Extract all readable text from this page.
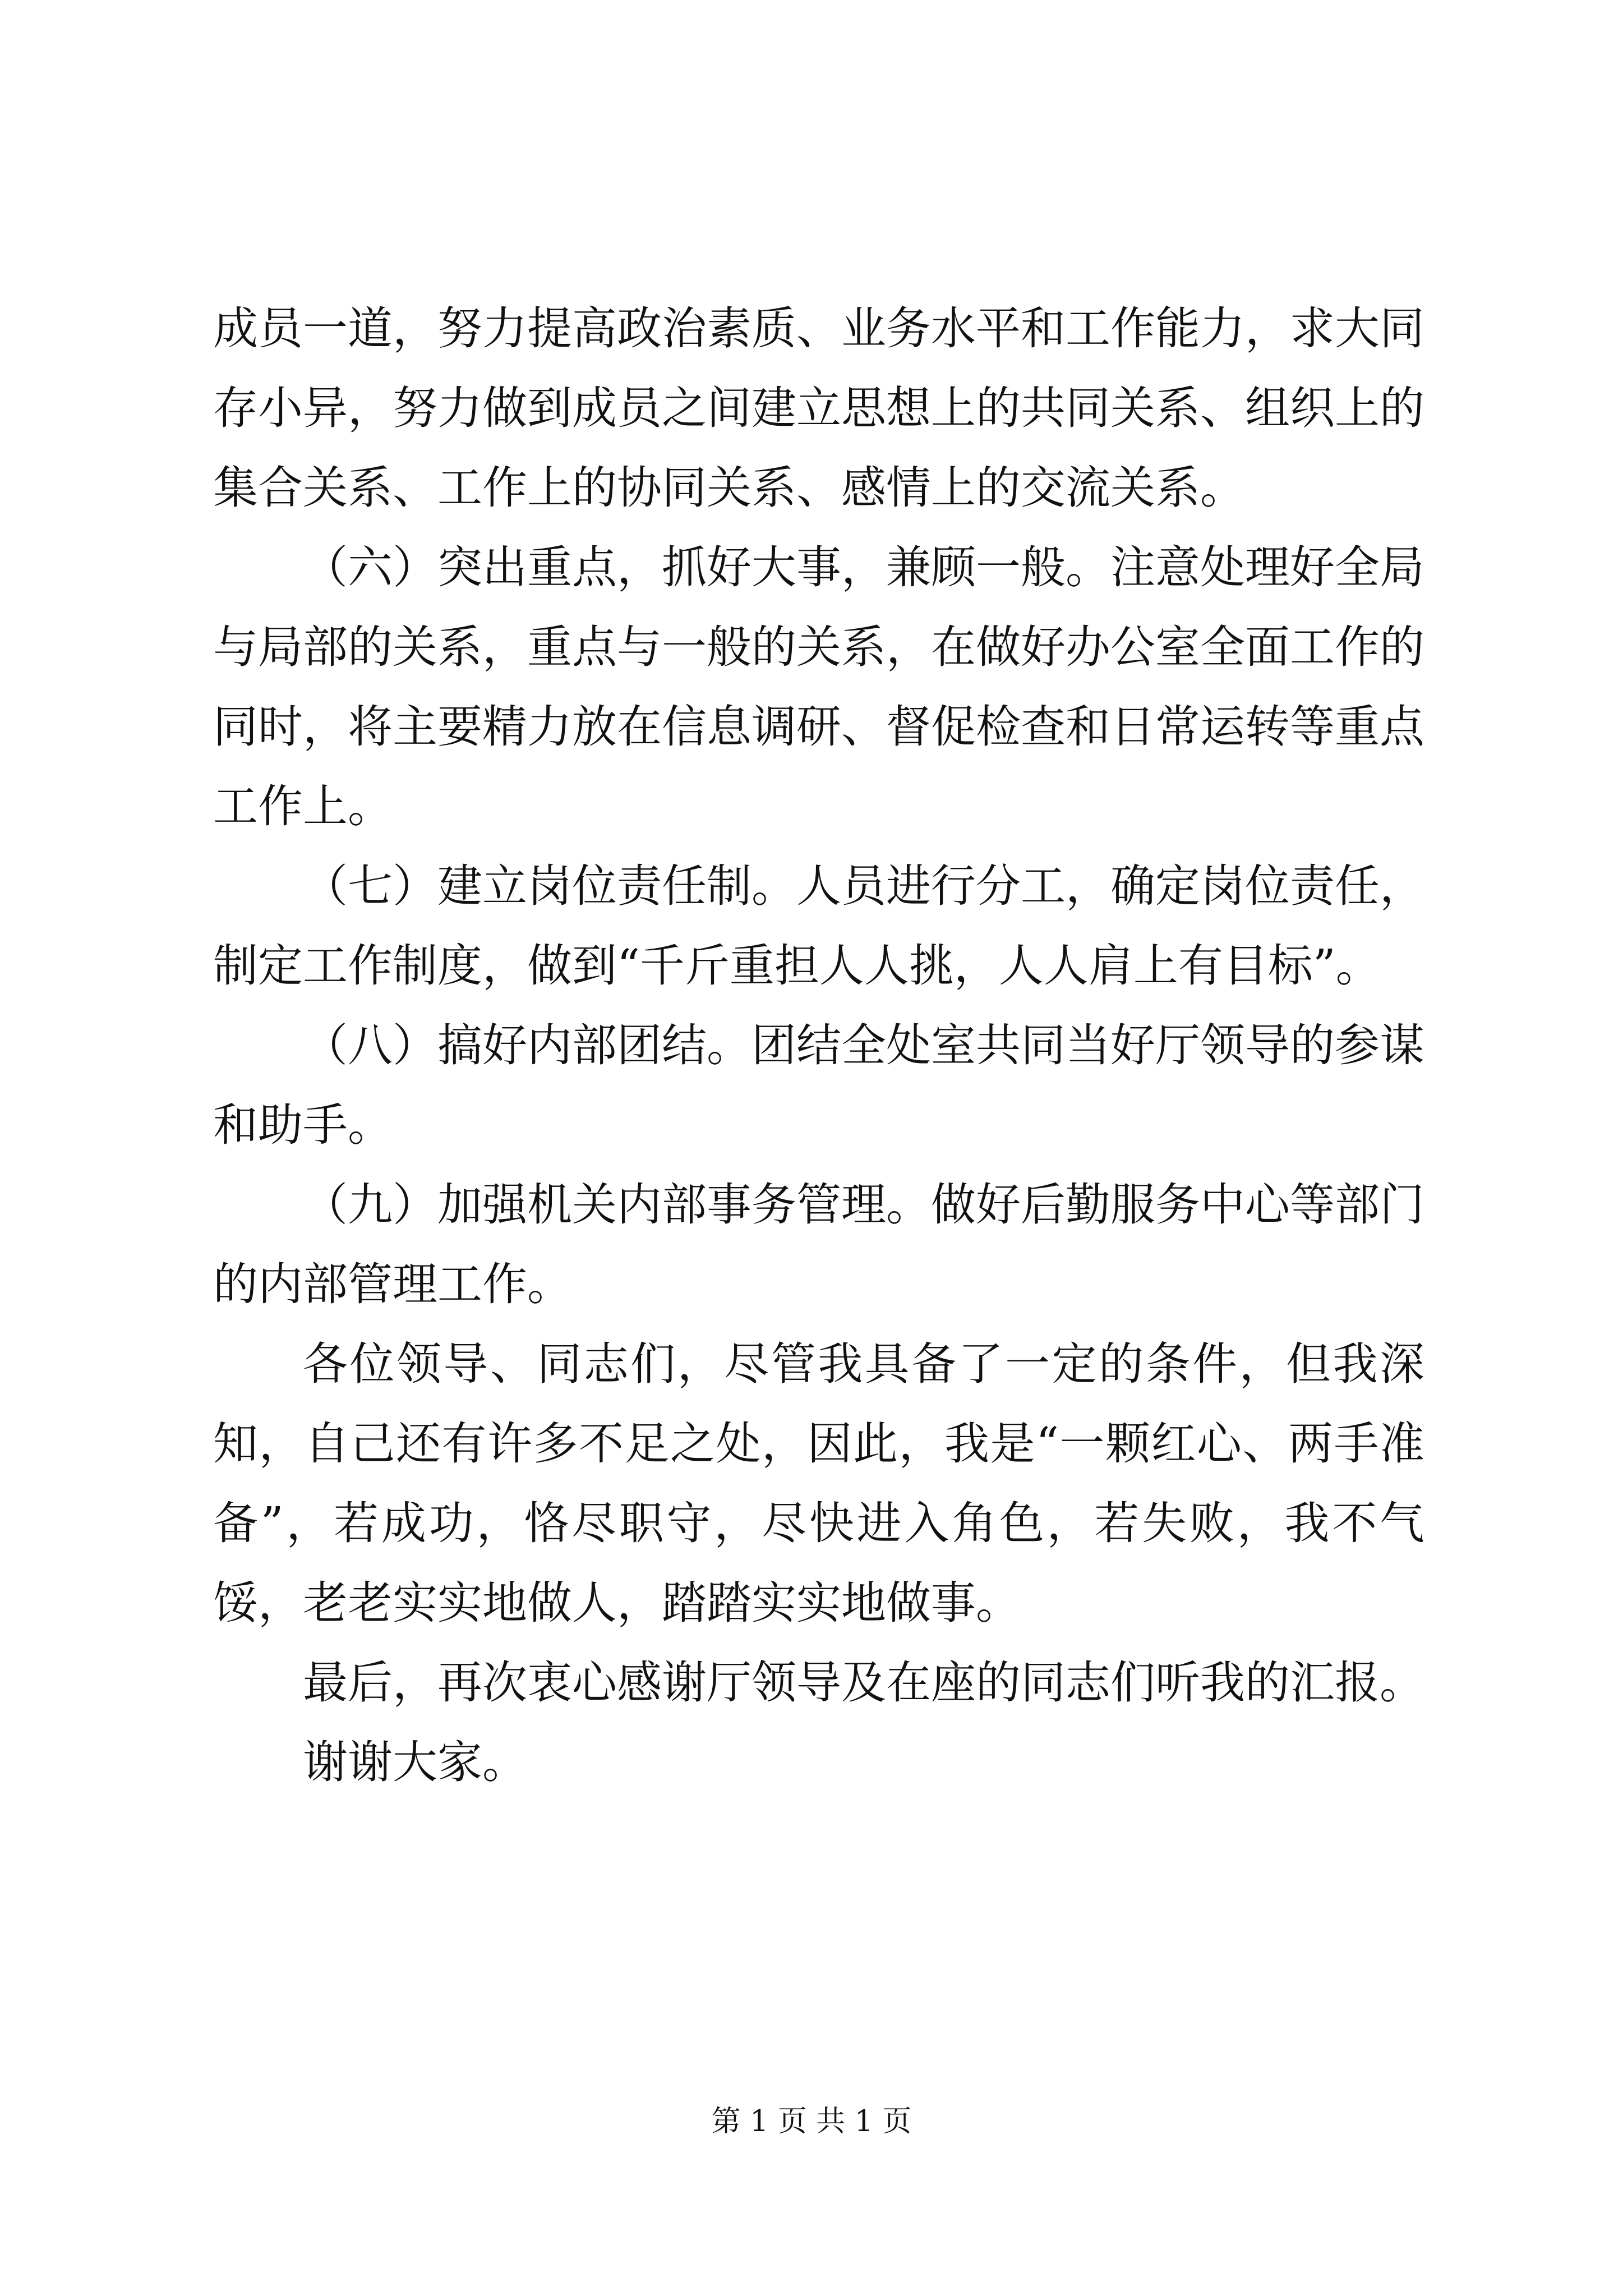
成员一道，努力提高政治素质、业务水平和工作能力，求大同存小异，努力做到成员之间建立思想上的共同关系、组织上的集合关系、工作上的协同关系、感情上的交流关系。

（六）突出重点，抓好大事，兼顾一般。注意处理好全局与局部的关系，重点与一般的关系，在做好办公室全面工作的同时，将主要精力放在信息调研、督促检查和日常运转等重点工作上。

（七）建立岗位责任制。人员进行分工，确定岗位责任，制定工作制度，做到“千斤重担人人挑，人人肩上有目标”。

（八）搞好内部团结。团结全处室共同当好厅领导的参谋和助手。

（九）加强机关内部事务管理。做好后勤服务中心等部门的内部管理工作。

各位领导、同志们，尽管我具备了一定的条件，但我深知，自己还有许多不足之处，因此，我是“一颗红心、两手准备”，若成功，恪尽职守，尽快进入角色，若失败，我不气馁，老老实实地做人，踏踏实实地做事。

最后，再次衷心感谢厅领导及在座的同志们听我的汇报。

谢谢大家。

第 1 页 共 1 页
